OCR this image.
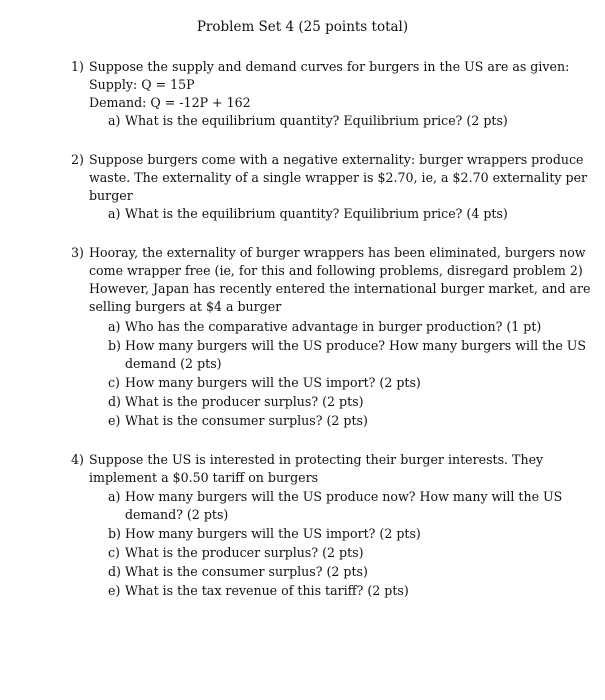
Problem Set 4 (25 points total)
1) Suppose the supply and demand curves for burgers in the US are as given:
Supply: Q = 15P
Demand: Q = -12P + 162
a) What is the equilibrium quantity? Equilibrium price? (2 pts)
2) Suppose burgers come with a negative externality: burger wrappers produce
waste. The externality of a single wrapper is $2.70, ie, a $2.70 externality per
burger
a) What is the equilibrium quantity? Equilibrium price? (4 pts)
3) Hooray, the externality of burger wrappers has been eliminated, burgers now
come wrapper free (ie, for this and following problems, disregard problem 2)
However, Japan has recently entered the international burger market, and are
selling burgers at $4 a burger
a) Who has the comparative advantage in burger production? (1 pt)
b) How many burgers will the US produce? How many burgers will the US
demand (2 pts)
c) How many burgers will the US import? (2 pts)
d) What is the producer surplus? (2 pts)
e) What is the consumer surplus? (2 pts)
4) Suppose the US is interested in protecting their burger interests. They
implement a $0.50 tariff on burgers
a) How many burgers will the US produce now? How many will the US
demand? (2 pts)
b) How many burgers will the US import? (2 pts)
c) What is the producer surplus? (2 pts)
d) What is the consumer surplus? (2 pts)
e) What is the tax revenue of this tariff? (2 pts)
